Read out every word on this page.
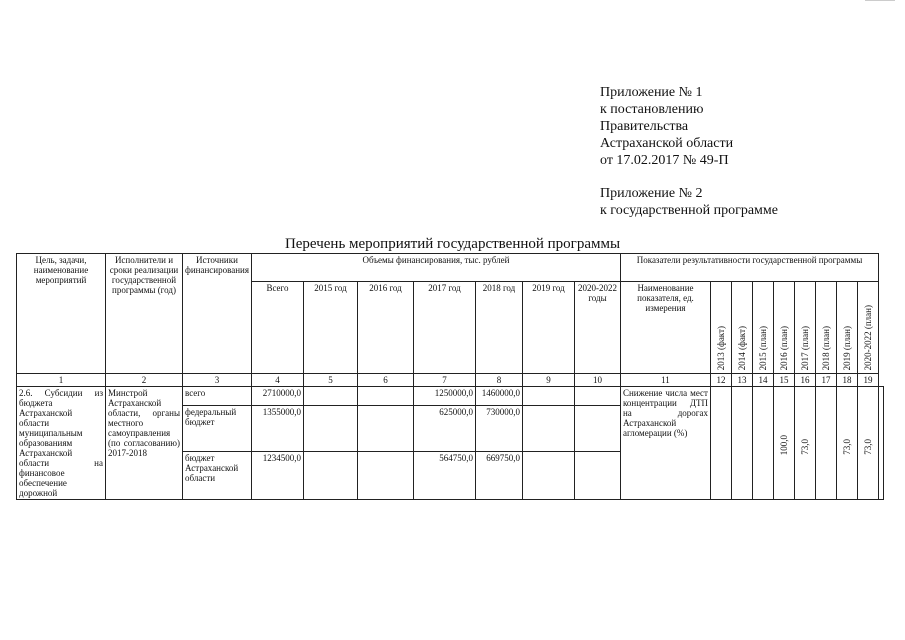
Приложение № 1
к постановлению
Правительства
Астраханской области
от 17.02.2017 № 49-П
Приложение № 2
к государственной программе
Перечень мероприятий государственной программы
Цель, задачи, наименование мероприятий	Исполнители и сроки реализации государственной программы (год)	Источники финансирования	Объемы финансирования, тыс. рублей							Показатели результативности государственной программы									
			Всего	2015 год	2016 год	2017 год	2018 год	2019 год	2020-2022 годы	Наименование показателя, ед. измерения	2013 (факт)	2014 (факт)	2015 (план)	2016 (план)	2017 (план)	2018 (план)	2019 (план)	2020-2022 (план)	
1	2	3	4	5	6	7	8	9	10	11	12	13	14	15	16	17	18	19	
2.6. Субсидии из бюджета Астраханской области муниципальным образованиям Астраханской области на финансовое обеспечение дорожной	Минстрой Астраханской области, органы местного самоуправления (по согласованию) 2017-2018	всего	2710000,0			1250000,0	1460000,0			Снижение числа мест концентрации ДТП на дорогах Астраханской агломерации (%)				100,0	73,0		73,0	73,0	
		федеральный бюджет	1355000,0			625000,0	730000,0												
		бюджет Астраханской области	1234500,0			564750,0	669750,0												
